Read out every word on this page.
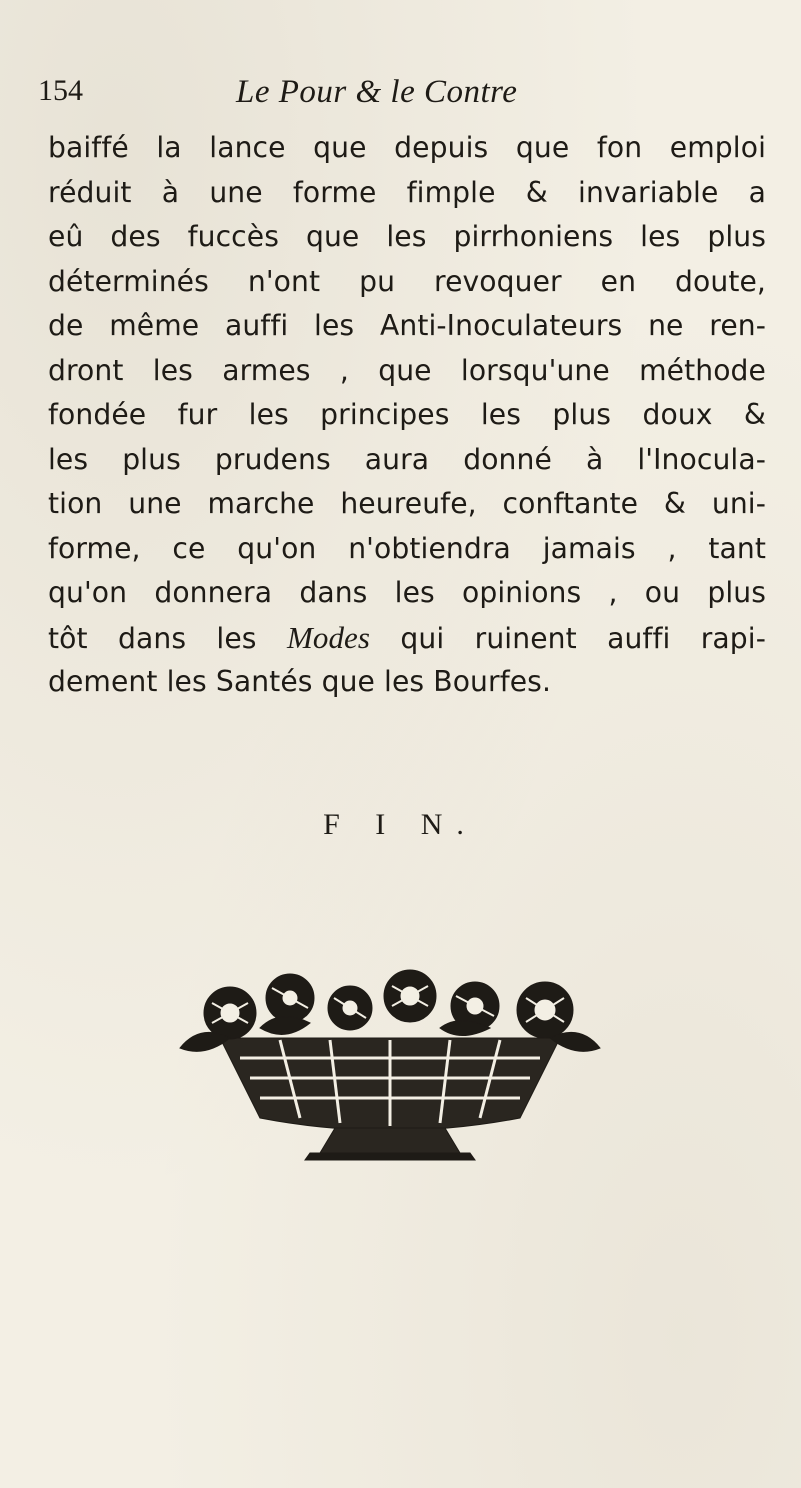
154	Le Pour & le Contre
baiffé la lance que depuis que fon emploi
réduit à une forme fimple & invariable a
eû des fuccès que les pirrhoniens les plus
déterminés n'ont pu revoquer en doute,
de même auffi les Anti-Inoculateurs ne ren-
dront les armes , que lorsqu'une méthode
fondée fur les principes les plus doux &
les plus prudens aura donné à l'Inocula-
tion une marche heureufe, conftante & uni-
forme, ce qu'on n'obtiendra jamais , tant
qu'on donnera dans les opinions , ou plus
tôt dans les Modes qui ruinent auffi rapi-
dement les Santés que les Bourfes.
F I N.
